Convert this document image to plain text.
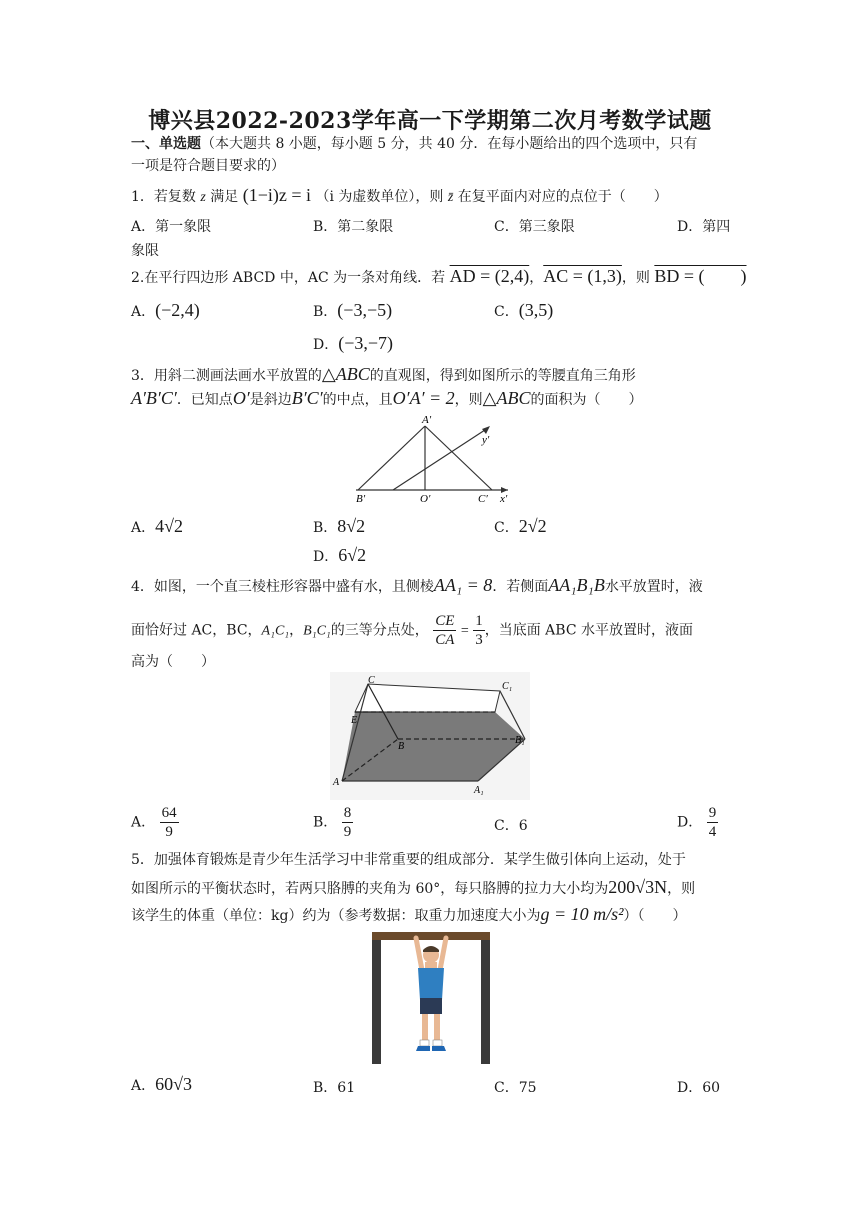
博兴县2022-2023学年高一下学期第二次月考数学试题
一、单选题（本大题共 8 小题，每小题 5 分，共 40 分．在每小题给出的四个选项中，只有
一项是符合题目要求的）
1．若复数 z 满足 (1−i)z = i （i 为虚数单位），则 z̄ 在复平面内对应的点位于（　　）
A．第一象限	B．第二象限	C．第三象限	D．第四
象限
2.在平行四边形 ABCD 中，AC 为一条对角线．若 AD = (2,4)，AC = (1,3)，则 BD = (　　)
A．(−2,4)	B．(−3,−5)	C．(3,5)
D．(−3,−7)
3．用斜二测画法画水平放置的△ABC的直观图，得到如图所示的等腰直角三角形
A′B′C′．已知点O′是斜边B′C′的中点，且O′A′ = 2，则△ABC的面积为（　　）
A′
y′
B′	O′	C′ x′
A．4√2	B．8√2	C．2√2
D．6√2
4．如图，一个直三棱柱形容器中盛有水，且侧棱AA₁ = 8．若侧面AA₁B₁B水平放置时，液
面恰好过 AC，BC，A₁C₁，B₁C₁的三等分点处， $\frac{CE}{CA} = \frac{1}{3}$ ，当底面 ABC 水平放置时，液面
高为（　　）
C
C₁
E
B
B₁
A
A₁
A． $\frac{64}{9}$	B． $\frac{8}{9}$	C．6	D． $\frac{9}{4}$
5．加强体育锻炼是青少年生活学习中非常重要的组成部分．某学生做引体向上运动，处于
如图所示的平衡状态时，若两只胳膊的夹角为 60°，每只胳膊的拉力大小均为200√3N，则
该学生的体重（单位：kg）约为（参考数据：取重力加速度大小为g = 10 m/s²）（　　）
A．60√3	B．61	C．75	D．60
